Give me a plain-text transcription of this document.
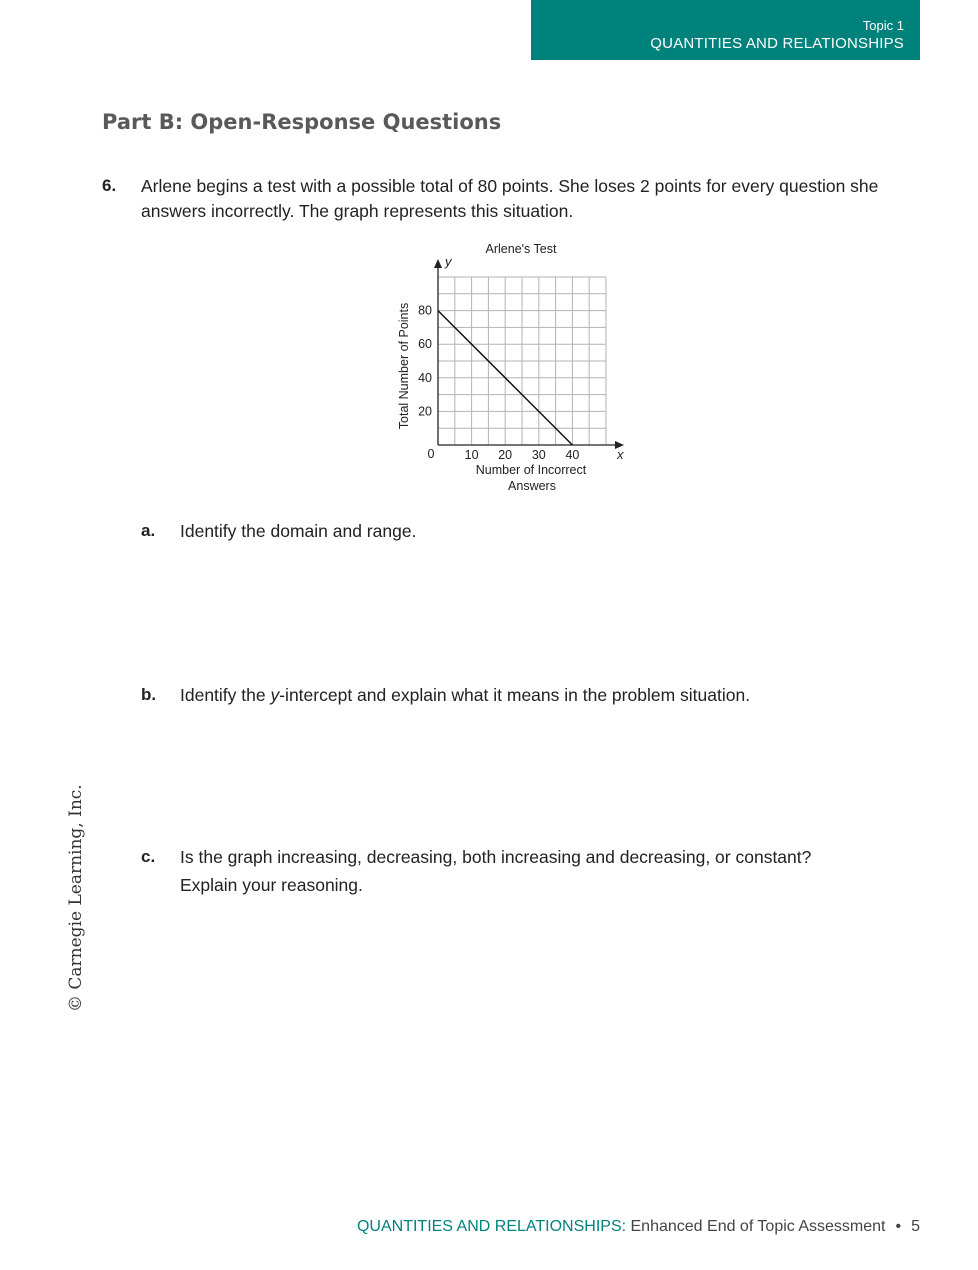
Topic 1
QUANTITIES AND RELATIONSHIPS
Part B: Open-Response Questions
6. Arlene begins a test with a possible total of 80 points. She loses 2 points for every question she answers incorrectly. The graph represents this situation.
Arlene's Test
y
x
0 10 20 30 40
20
40
60
80
Total Number of Points
Number of Incorrect
Answers
a. Identify the domain and range.
b. Identify the y-intercept and explain what it means in the problem situation.
c. Is the graph increasing, decreasing, both increasing and decreasing, or constant?
Explain your reasoning.
© Carnegie Learning, Inc.
QUANTITIES AND RELATIONSHIPS: Enhanced End of Topic Assessment • 5
